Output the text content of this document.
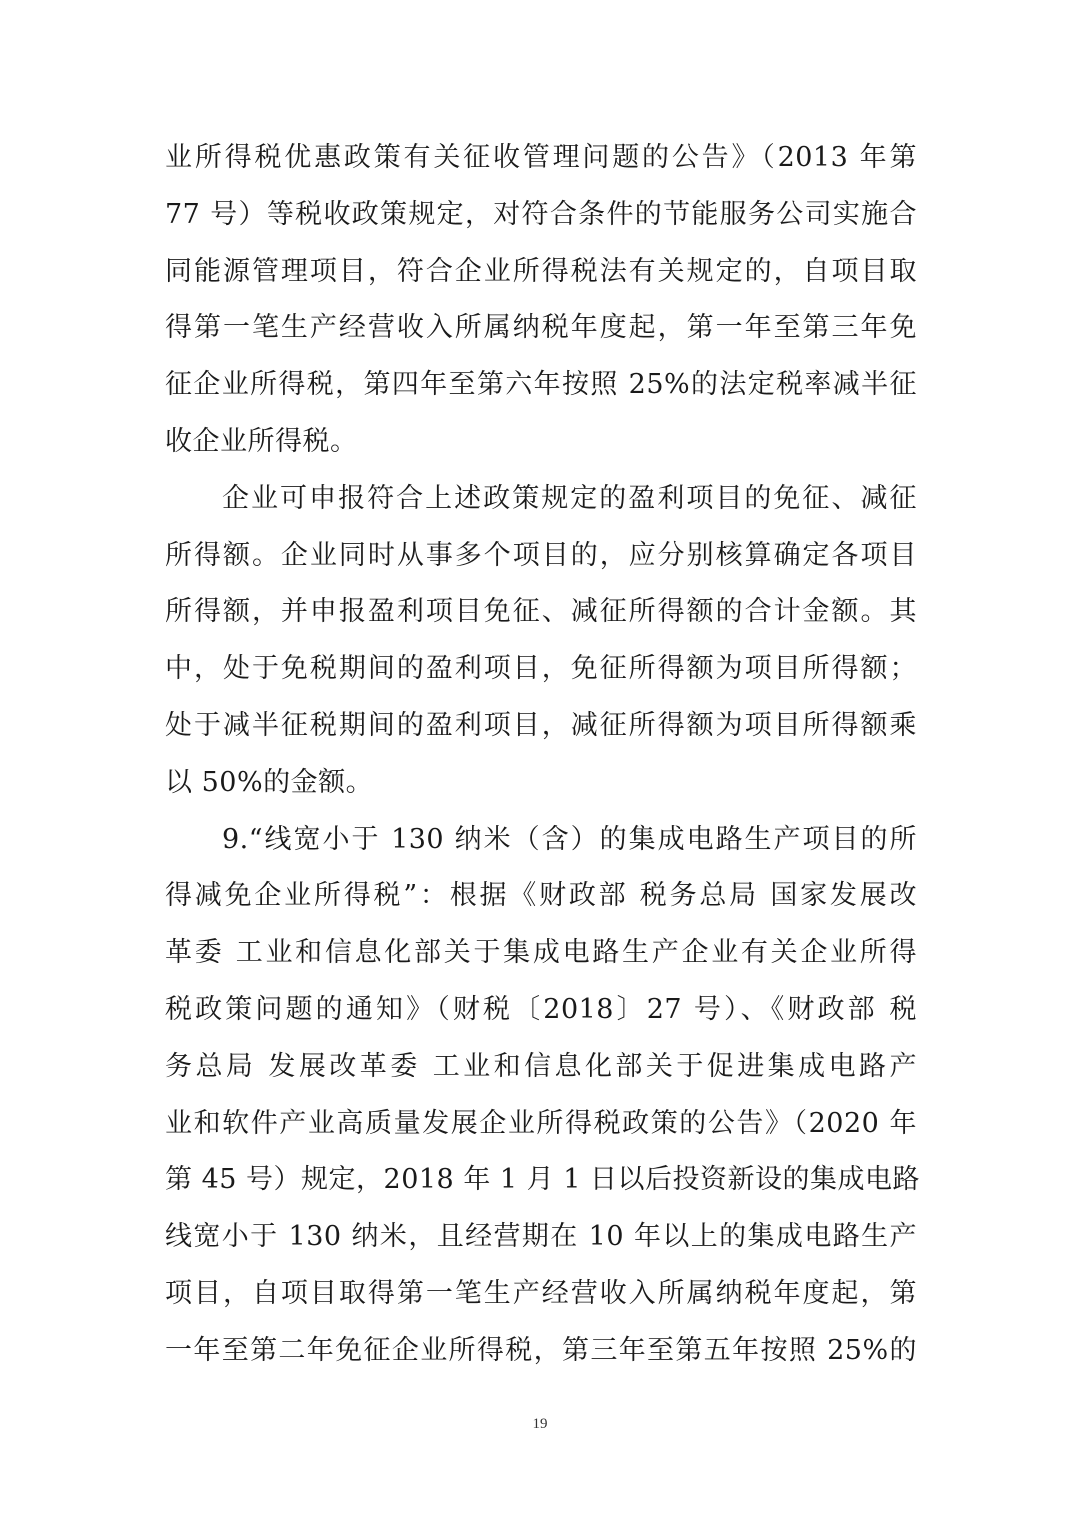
业所得税优惠政策有关征收管理问题的公告》（2013 年第
77 号）等税收政策规定，对符合条件的节能服务公司实施合
同能源管理项目，符合企业所得税法有关规定的，自项目取
得第一笔生产经营收入所属纳税年度起，第一年至第三年免
征企业所得税，第四年至第六年按照 25%的法定税率减半征
收企业所得税。
企业可申报符合上述政策规定的盈利项目的免征、减征
所得额。企业同时从事多个项目的，应分别核算确定各项目
所得额，并申报盈利项目免征、减征所得额的合计金额。其
中，处于免税期间的盈利项目，免征所得额为项目所得额；
处于减半征税期间的盈利项目，减征所得额为项目所得额乘
以 50%的金额。
9.“线宽小于 130 纳米（含）的集成电路生产项目的所
得减免企业所得税”：根据《财政部 税务总局 国家发展改
革委 工业和信息化部关于集成电路生产企业有关企业所得
税政策问题的通知》（财税〔2018〕27 号）、《财政部 税
务总局 发展改革委 工业和信息化部关于促进集成电路产
业和软件产业高质量发展企业所得税政策的公告》（2020 年
第 45 号）规定，2018 年 1 月 1 日以后投资新设的集成电路
线宽小于 130 纳米，且经营期在 10 年以上的集成电路生产
项目，自项目取得第一笔生产经营收入所属纳税年度起，第
一年至第二年免征企业所得税，第三年至第五年按照 25%的
19
